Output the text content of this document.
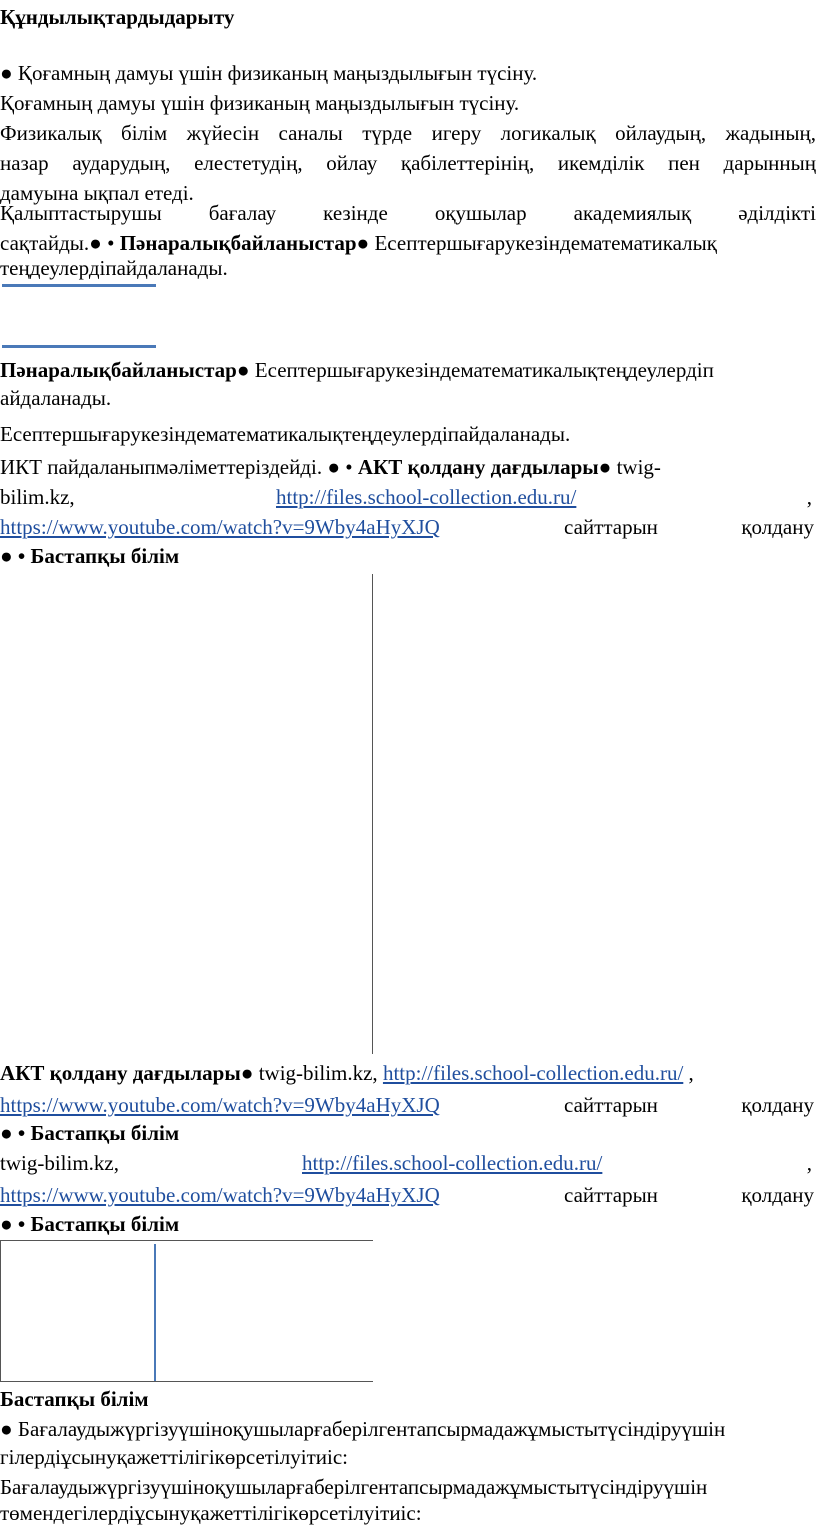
Құндылықтардыдарыту

● Қоғамның дамуы үшін физиканың маңыздылығын түсіну.

Қоғамның дамуы үшін физиканың маңыздылығын түсіну.

Физикалық білім жүйесін саналы түрде игеру логикалық ойлаудың, жадының,

назар аударудың, елестетудің, ойлау қабілеттерінің, икемділік пен дарынның

дамуына ықпал етеді.

Қалыптастырушы бағалау кезінде оқушылар академиялық әділдікті

сақтайды.● • Пәнаралықбайланыстар● Есептершығарукезіндематематикалық

теңдеулердіпайдаланады.

Пәнаралықбайланыстар● Есептершығарукезіндематематикалықтеңдеулердіп

айдаланады.

Есептершығарукезіндематематикалықтеңдеулердіпайдаланады.

ИКТ пайдаланыпмәліметтеріздейді. ● • АКТ қолдану дағдылары● twig-

bilim.kz,	http://files.school-collection.edu.ru/	,

https://www.youtube.com/watch?v=9Wby4aHyXJQ	сайттарын	қолдану

● • Бастапқы білім

АКТ қолдану дағдылары● twig-bilim.kz, http://files.school-collection.edu.ru/ ,

https://www.youtube.com/watch?v=9Wby4aHyXJQ	сайттарын	қолдану

● • Бастапқы білім

twig-bilim.kz,	http://files.school-collection.edu.ru/	,

https://www.youtube.com/watch?v=9Wby4aHyXJQ	сайттарын	қолдану

● • Бастапқы білім

Бастапқы білім

● Бағалаудыжүргізуүшіноқушыларғаберілгентапсырмадажұмыстытүсіндіруүшін

гілердіұсынуқажеттілігікөрсетілуітиіс:

Бағалаудыжүргізуүшіноқушыларғаберілгентапсырмадажұмыстытүсіндіруүшін

төмендегілердіұсынуқажеттілігікөрсетілуітиіс:
